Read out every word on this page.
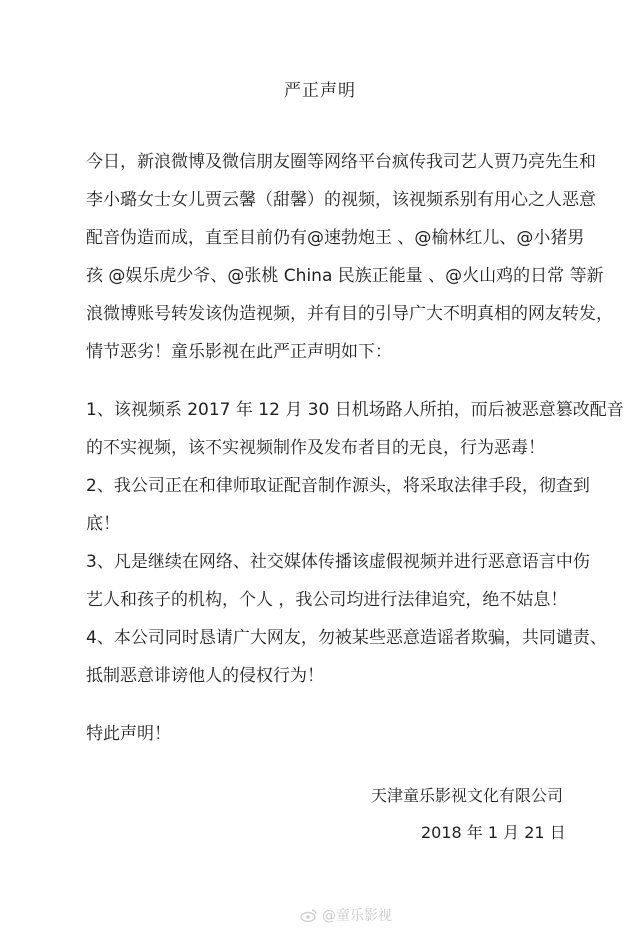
严正声明
今日，新浪微博及微信朋友圈等网络平台疯传我司艺人贾乃亮先生和
李小璐女士女儿贾云馨（甜馨）的视频，该视频系别有用心之人恶意
配音伪造而成，直至目前仍有@速勃炮王 、@榆林红儿、@小猪男
孩 @娱乐虎少爷、@张桃 China 民族正能量 、@火山鸡的日常 等新
浪微博账号转发该伪造视频，并有目的引导广大不明真相的网友转发，
情节恶劣！童乐影视在此严正声明如下：
1、该视频系 2017 年 12 月 30 日机场路人所拍，而后被恶意篡改配音
的不实视频，该不实视频制作及发布者目的无良，行为恶毒！
2、我公司正在和律师取证配音制作源头，将采取法律手段，彻查到
底！
3、凡是继续在网络、社交媒体传播该虚假视频并进行恶意语言中伤
艺人和孩子的机构，个人 ，我公司均进行法律追究，绝不姑息！
4、本公司同时恳请广大网友，勿被某些恶意造谣者欺骗，共同谴责、
抵制恶意诽谤他人的侵权行为！
特此声明！
天津童乐影视文化有限公司
2018 年 1 月 21 日
@童乐影视
